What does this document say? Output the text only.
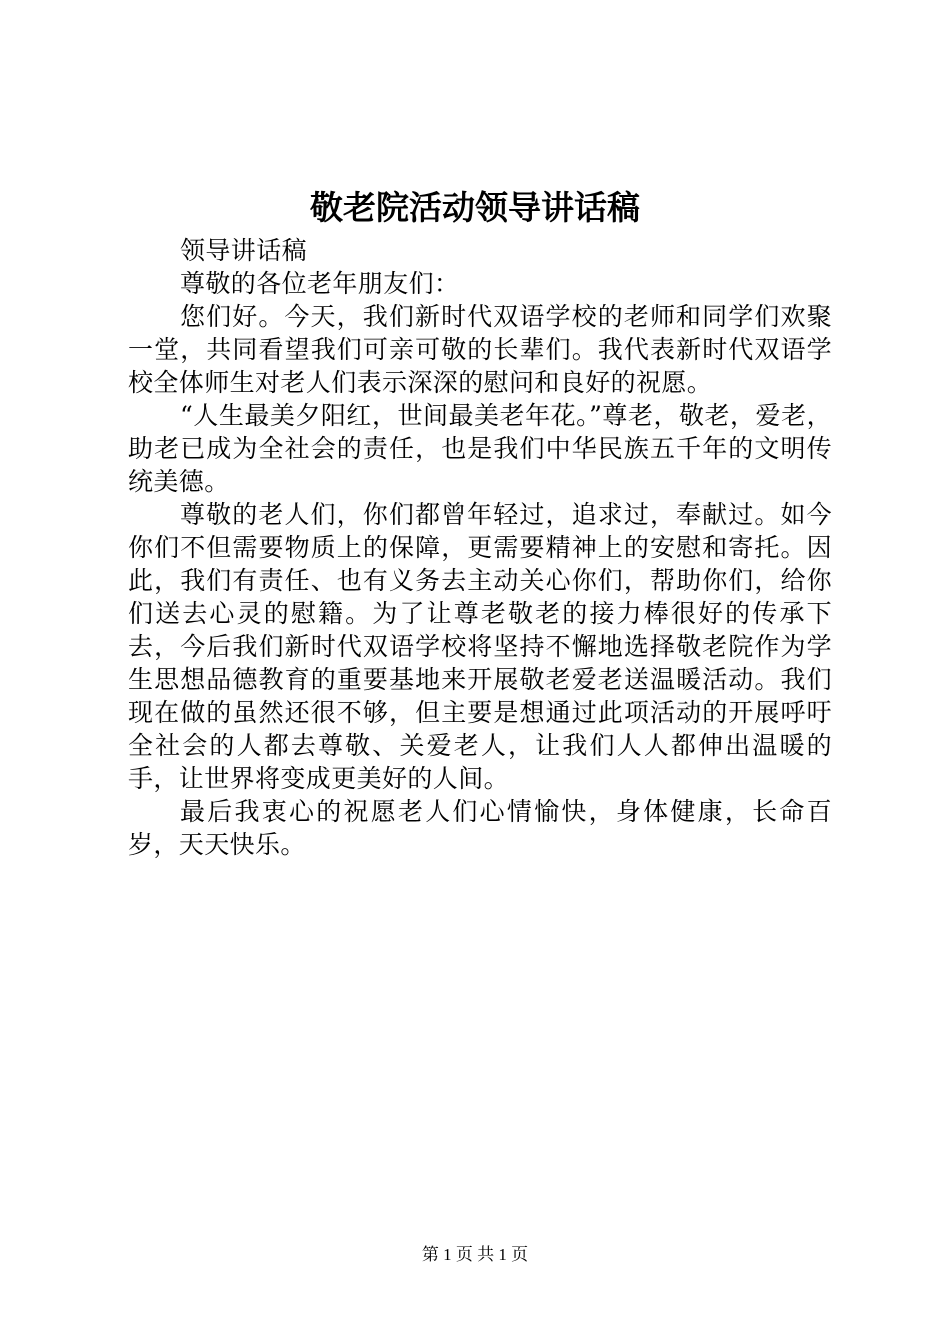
敬老院活动领导讲话稿

领导讲话稿

尊敬的各位老年朋友们：

您们好。今天，我们新时代双语学校的老师和同学们欢聚一堂，共同看望我们可亲可敬的长辈们。我代表新时代双语学校全体师生对老人们表示深深的慰问和良好的祝愿。

“人生最美夕阳红，世间最美老年花。”尊老，敬老，爱老，助老已成为全社会的责任，也是我们中华民族五千年的文明传统美德。

尊敬的老人们，你们都曾年轻过，追求过，奉献过。如今你们不但需要物质上的保障，更需要精神上的安慰和寄托。因此，我们有责任、也有义务去主动关心你们，帮助你们，给你们送去心灵的慰籍。为了让尊老敬老的接力棒很好的传承下去，今后我们新时代双语学校将坚持不懈地选择敬老院作为学生思想品德教育的重要基地来开展敬老爱老送温暖活动。我们现在做的虽然还很不够，但主要是想通过此项活动的开展呼吁全社会的人都去尊敬、关爱老人，让我们人人都伸出温暖的手，让世界将变成更美好的人间。

最后我衷心的祝愿老人们心情愉快，身体健康，长命百岁，天天快乐。

第 1 页 共 1 页
